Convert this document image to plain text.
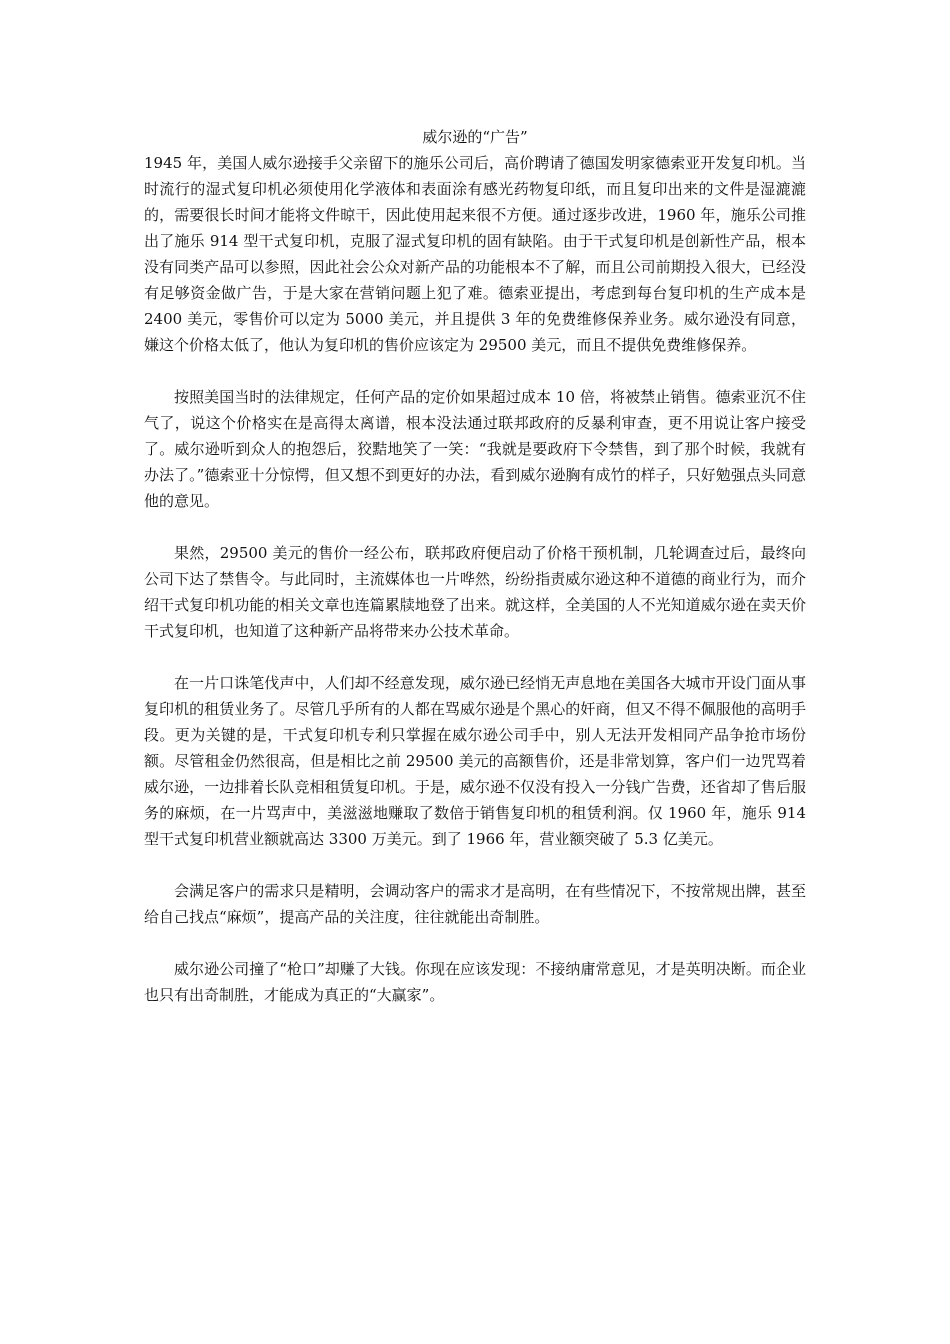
威尔逊的“广告”

1945 年，美国人威尔逊接手父亲留下的施乐公司后，高价聘请了德国发明家德索亚开发复印机。当时流行的湿式复印机必须使用化学液体和表面涂有感光药物复印纸，而且复印出来的文件是湿漉漉的，需要很长时间才能将文件晾干，因此使用起来很不方便。通过逐步改进，1960 年，施乐公司推出了施乐 914 型干式复印机，克服了湿式复印机的固有缺陷。由于干式复印机是创新性产品，根本没有同类产品可以参照，因此社会公众对新产品的功能根本不了解，而且公司前期投入很大，已经没有足够资金做广告，于是大家在营销问题上犯了难。德索亚提出，考虑到每台复印机的生产成本是 2400 美元，零售价可以定为 5000 美元，并且提供 3 年的免费维修保养业务。威尔逊没有同意，嫌这个价格太低了，他认为复印机的售价应该定为 29500 美元，而且不提供免费维修保养。

按照美国当时的法律规定，任何产品的定价如果超过成本 10 倍，将被禁止销售。德索亚沉不住气了，说这个价格实在是高得太离谱，根本没法通过联邦政府的反暴利审查，更不用说让客户接受了。威尔逊听到众人的抱怨后，狡黠地笑了一笑：“我就是要政府下令禁售，到了那个时候，我就有办法了。”德索亚十分惊愕，但又想不到更好的办法，看到威尔逊胸有成竹的样子，只好勉强点头同意他的意见。

果然，29500 美元的售价一经公布，联邦政府便启动了价格干预机制，几轮调查过后，最终向公司下达了禁售令。与此同时，主流媒体也一片哗然，纷纷指责威尔逊这种不道德的商业行为，而介绍干式复印机功能的相关文章也连篇累牍地登了出来。就这样，全美国的人不光知道威尔逊在卖天价干式复印机，也知道了这种新产品将带来办公技术革命。

在一片口诛笔伐声中，人们却不经意发现，威尔逊已经悄无声息地在美国各大城市开设门面从事复印机的租赁业务了。尽管几乎所有的人都在骂威尔逊是个黑心的奸商，但又不得不佩服他的高明手段。更为关键的是，干式复印机专利只掌握在威尔逊公司手中，别人无法开发相同产品争抢市场份额。尽管租金仍然很高，但是相比之前 29500 美元的高额售价，还是非常划算，客户们一边咒骂着威尔逊，一边排着长队竞相租赁复印机。于是，威尔逊不仅没有投入一分钱广告费，还省却了售后服务的麻烦，在一片骂声中，美滋滋地赚取了数倍于销售复印机的租赁利润。仅 1960 年，施乐 914 型干式复印机营业额就高达 3300 万美元。到了 1966 年，营业额突破了 5.3 亿美元。

会满足客户的需求只是精明，会调动客户的需求才是高明，在有些情况下，不按常规出牌，甚至给自己找点“麻烦”，提高产品的关注度，往往就能出奇制胜。

威尔逊公司撞了“枪口”却赚了大钱。你现在应该发现：不接纳庸常意见，才是英明决断。而企业也只有出奇制胜，才能成为真正的“大赢家”。
